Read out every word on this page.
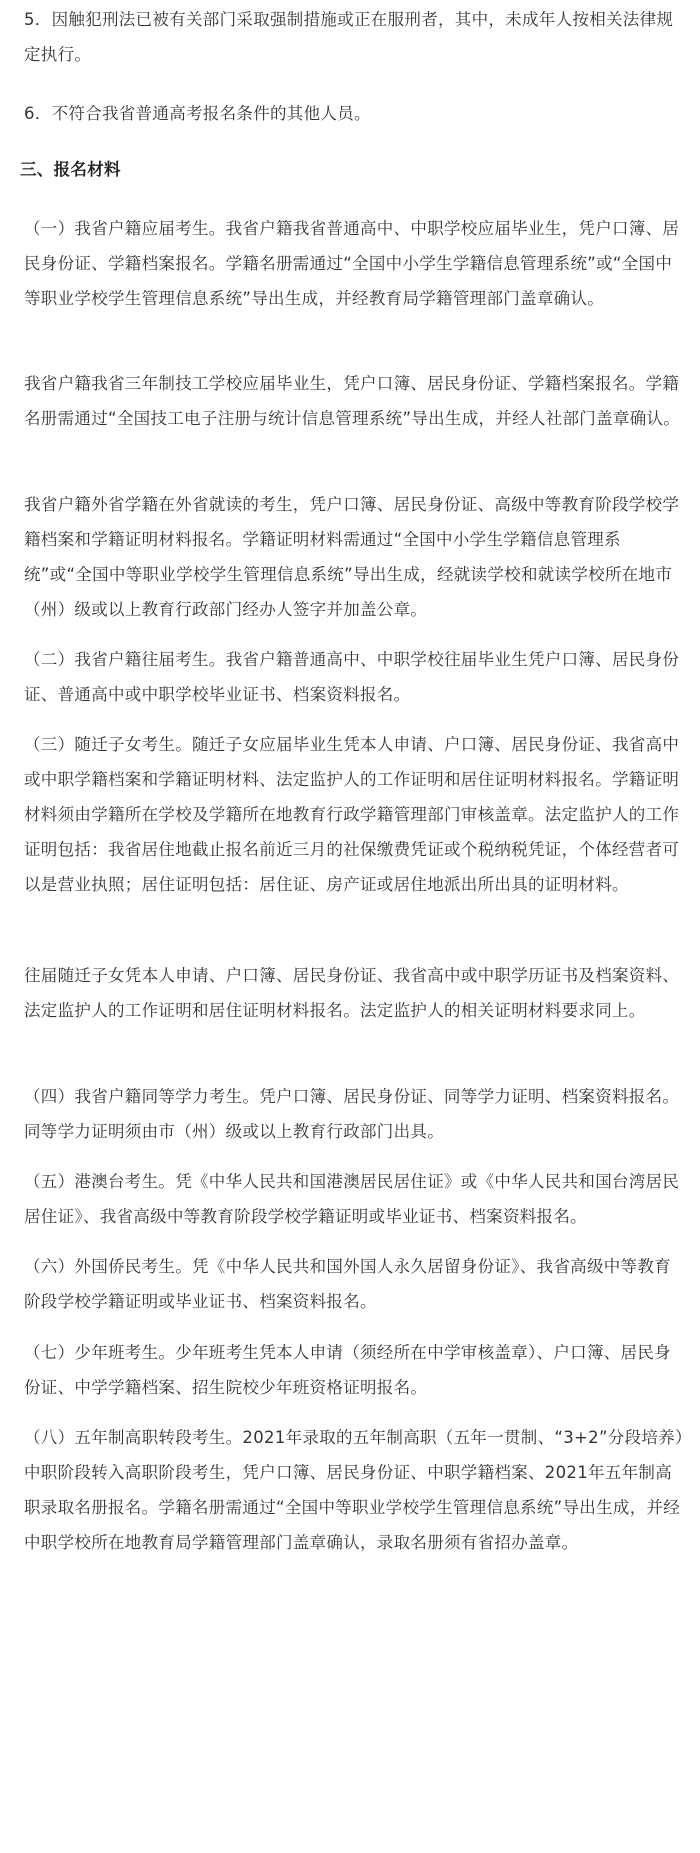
5．因触犯刑法已被有关部门采取强制措施或正在服刑者，其中，未成年人按相关法律规定执行。

6．不符合我省普通高考报名条件的其他人员。

三、报名材料

（一）我省户籍应届考生。我省户籍我省普通高中、中职学校应届毕业生，凭户口簿、居民身份证、学籍档案报名。学籍名册需通过“全国中小学生学籍信息管理系统”或“全国中等职业学校学生管理信息系统”导出生成，并经教育局学籍管理部门盖章确认。

我省户籍我省三年制技工学校应届毕业生，凭户口簿、居民身份证、学籍档案报名。学籍名册需通过“全国技工电子注册与统计信息管理系统”导出生成，并经人社部门盖章确认。

我省户籍外省学籍在外省就读的考生，凭户口簿、居民身份证、高级中等教育阶段学校学籍档案和学籍证明材料报名。学籍证明材料需通过“全国中小学生学籍信息管理系统”或“全国中等职业学校学生管理信息系统”导出生成，经就读学校和就读学校所在地市（州）级或以上教育行政部门经办人签字并加盖公章。

（二）我省户籍往届考生。我省户籍普通高中、中职学校往届毕业生凭户口簿、居民身份证、普通高中或中职学校毕业证书、档案资料报名。

（三）随迁子女考生。随迁子女应届毕业生凭本人申请、户口簿、居民身份证、我省高中或中职学籍档案和学籍证明材料、法定监护人的工作证明和居住证明材料报名。学籍证明材料须由学籍所在学校及学籍所在地教育行政学籍管理部门审核盖章。法定监护人的工作证明包括：我省居住地截止报名前近三月的社保缴费凭证或个税纳税凭证，个体经营者可以是营业执照；居住证明包括：居住证、房产证或居住地派出所出具的证明材料。

往届随迁子女凭本人申请、户口簿、居民身份证、我省高中或中职学历证书及档案资料、法定监护人的工作证明和居住证明材料报名。法定监护人的相关证明材料要求同上。

（四）我省户籍同等学力考生。凭户口簿、居民身份证、同等学力证明、档案资料报名。同等学力证明须由市（州）级或以上教育行政部门出具。

（五）港澳台考生。凭《中华人民共和国港澳居民居住证》或《中华人民共和国台湾居民居住证》、我省高级中等教育阶段学校学籍证明或毕业证书、档案资料报名。

（六）外国侨民考生。凭《中华人民共和国外国人永久居留身份证》、我省高级中等教育阶段学校学籍证明或毕业证书、档案资料报名。

（七）少年班考生。少年班考生凭本人申请（须经所在中学审核盖章）、户口簿、居民身份证、中学学籍档案、招生院校少年班资格证明报名。

（八）五年制高职转段考生。2021年录取的五年制高职（五年一贯制、“3+2”分段培养）中职阶段转入高职阶段考生，凭户口簿、居民身份证、中职学籍档案、2021年五年制高职录取名册报名。学籍名册需通过“全国中等职业学校学生管理信息系统”导出生成，并经中职学校所在地教育局学籍管理部门盖章确认，录取名册须有省招办盖章。
